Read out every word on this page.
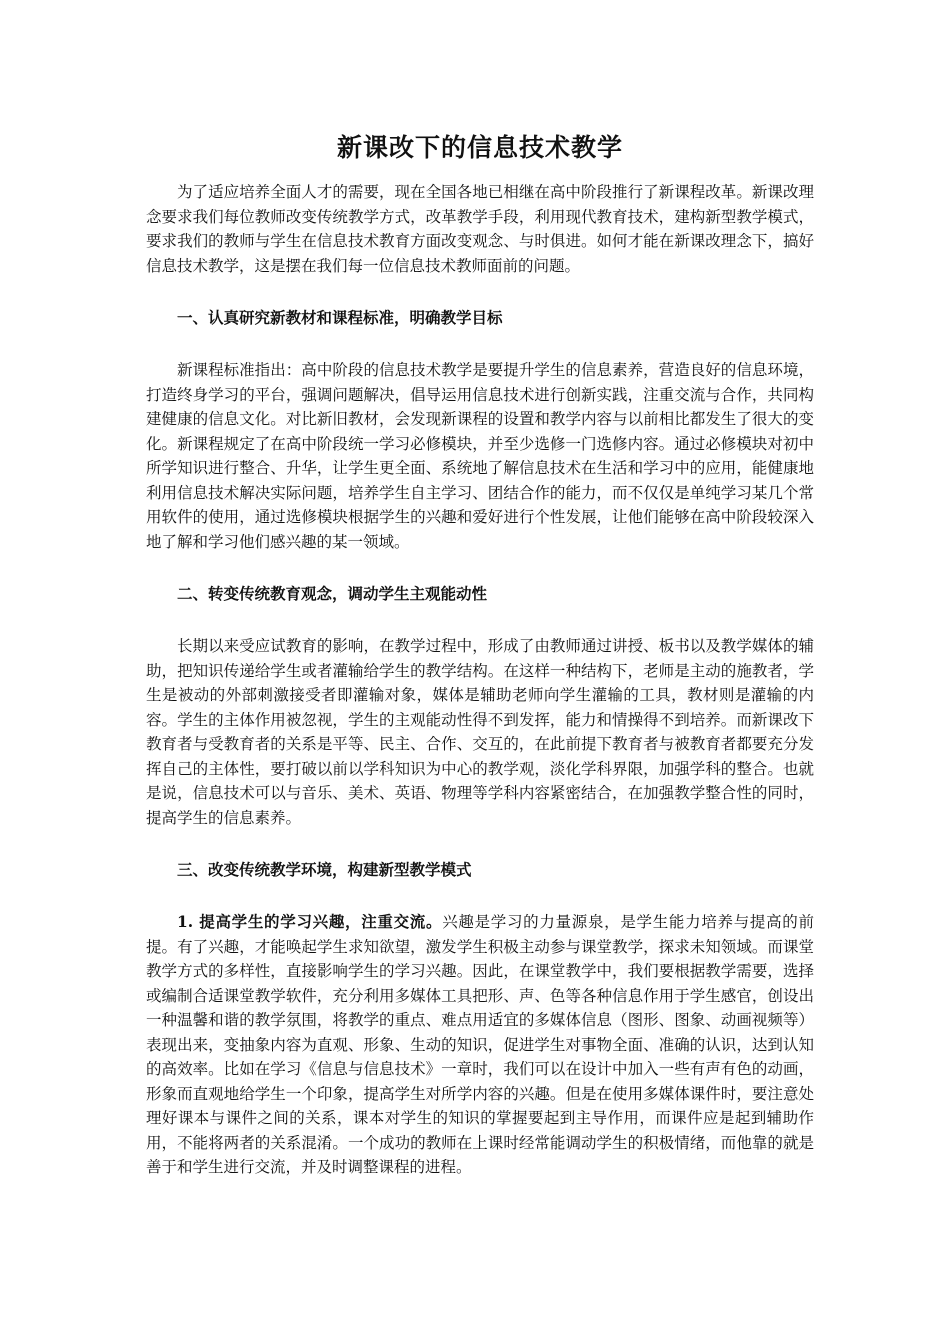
新课改下的信息技术教学

为了适应培养全面人才的需要，现在全国各地已相继在高中阶段推行了新课程改革。新课改理念要求我们每位教师改变传统教学方式，改革教学手段，利用现代教育技术，建构新型教学模式，要求我们的教师与学生在信息技术教育方面改变观念、与时俱进。如何才能在新课改理念下，搞好信息技术教学，这是摆在我们每一位信息技术教师面前的问题。

一、认真研究新教材和课程标准，明确教学目标

新课程标准指出：高中阶段的信息技术教学是要提升学生的信息素养，营造良好的信息环境，打造终身学习的平台，强调问题解决，倡导运用信息技术进行创新实践，注重交流与合作，共同构建健康的信息文化。对比新旧教材，会发现新课程的设置和教学内容与以前相比都发生了很大的变化。新课程规定了在高中阶段统一学习必修模块，并至少选修一门选修内容。通过必修模块对初中所学知识进行整合、升华，让学生更全面、系统地了解信息技术在生活和学习中的应用，能健康地利用信息技术解决实际问题，培养学生自主学习、团结合作的能力，而不仅仅是单纯学习某几个常用软件的使用，通过选修模块根据学生的兴趣和爱好进行个性发展，让他们能够在高中阶段较深入地了解和学习他们感兴趣的某一领域。

二、转变传统教育观念，调动学生主观能动性

长期以来受应试教育的影响，在教学过程中，形成了由教师通过讲授、板书以及教学媒体的辅助，把知识传递给学生或者灌输给学生的教学结构。在这样一种结构下，老师是主动的施教者，学生是被动的外部刺激接受者即灌输对象，媒体是辅助老师向学生灌输的工具，教材则是灌输的内容。学生的主体作用被忽视，学生的主观能动性得不到发挥，能力和情操得不到培养。而新课改下教育者与受教育者的关系是平等、民主、合作、交互的，在此前提下教育者与被教育者都要充分发挥自己的主体性，要打破以前以学科知识为中心的教学观，淡化学科界限，加强学科的整合。也就是说，信息技术可以与音乐、美术、英语、物理等学科内容紧密结合，在加强教学整合性的同时，提高学生的信息素养。

三、改变传统教学环境，构建新型教学模式

1. 提高学生的学习兴趣，注重交流。兴趣是学习的力量源泉，是学生能力培养与提高的前提。有了兴趣，才能唤起学生求知欲望，激发学生积极主动参与课堂教学，探求未知领域。而课堂教学方式的多样性，直接影响学生的学习兴趣。因此，在课堂教学中，我们要根据教学需要，选择或编制合适课堂教学软件，充分利用多媒体工具把形、声、色等各种信息作用于学生感官，创设出一种温馨和谐的教学氛围，将教学的重点、难点用适宜的多媒体信息（图形、图象、动画视频等）表现出来，变抽象内容为直观、形象、生动的知识，促进学生对事物全面、准确的认识，达到认知的高效率。比如在学习《信息与信息技术》一章时，我们可以在设计中加入一些有声有色的动画，形象而直观地给学生一个印象，提高学生对所学内容的兴趣。但是在使用多媒体课件时，要注意处理好课本与课件之间的关系，课本对学生的知识的掌握要起到主导作用，而课件应是起到辅助作用，不能将两者的关系混淆。一个成功的教师在上课时经常能调动学生的积极情绪，而他靠的就是善于和学生进行交流，并及时调整课程的进程。
